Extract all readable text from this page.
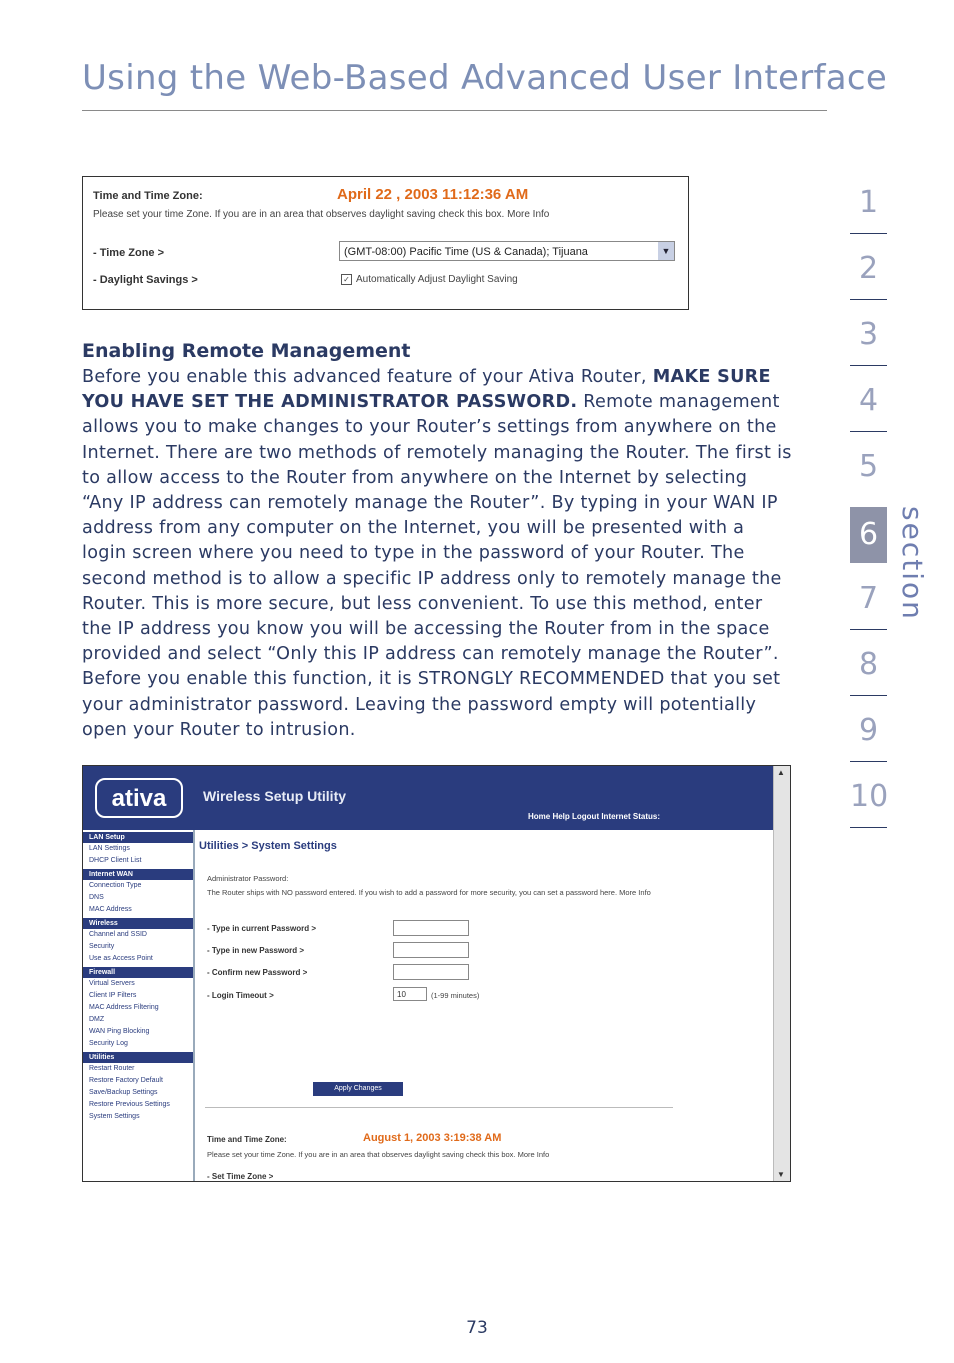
Using the Web-Based Advanced User Interface
Time and Time Zone:	April 22 , 2003 11:12:36 AM
Please set your time Zone. If you are in an area that observes daylight saving check this box. More Info
- Time Zone >	(GMT-08:00) Pacific Time (US & Canada); Tijuana	▼
- Daylight Savings >	✓ Automatically Adjust Daylight Saving
Enabling Remote Management
Before you enable this advanced feature of your Ativa Router, MAKE SURE YOU HAVE SET THE ADMINISTRATOR PASSWORD. Remote management allows you to make changes to your Router’s settings from anywhere on the Internet. There are two methods of remotely managing the Router. The first is to allow access to the Router from anywhere on the Internet by selecting “Any IP address can remotely manage the Router”. By typing in your WAN IP address from any computer on the Internet, you will be presented with a login screen where you need to type in the password of your Router. The second method is to allow a specific IP address only to remotely manage the Router. This is more secure, but less convenient. To use this method, enter the IP address you know you will be accessing the Router from in the space provided and select “Only this IP address can remotely manage the Router”. Before you enable this function, it is STRONGLY RECOMMENDED that you set your administrator password. Leaving the password empty will potentially open your Router to intrusion.
1
2
3
4
5
6
7
8
9
10
section
ativa	Wireless Setup Utility
Home Help Logout Internet Status:
▲
▼
LAN Setup
LAN Settings
DHCP Client List
Internet WAN
Connection Type
DNS
MAC Address
Wireless
Channel and SSID
Security
Use as Access Point
Firewall
Virtual Servers
Client IP Filters
MAC Address Filtering
DMZ
WAN Ping Blocking
Security Log
Utilities
Restart Router
Restore Factory Default
Save/Backup Settings
Restore Previous Settings
System Settings
Utilities > System Settings
Administrator Password:
The Router ships with NO password entered. If you wish to add a password for more security, you can set a password here. More Info
- Type in current Password >
- Type in new Password >
- Confirm new Password >
- Login Timeout >	10	(1-99 minutes)
Apply Changes
Time and Time Zone:	August 1, 2003 3:19:38 AM
Please set your time Zone. If you are in an area that observes daylight saving check this box. More Info
- Set Time Zone >
73
